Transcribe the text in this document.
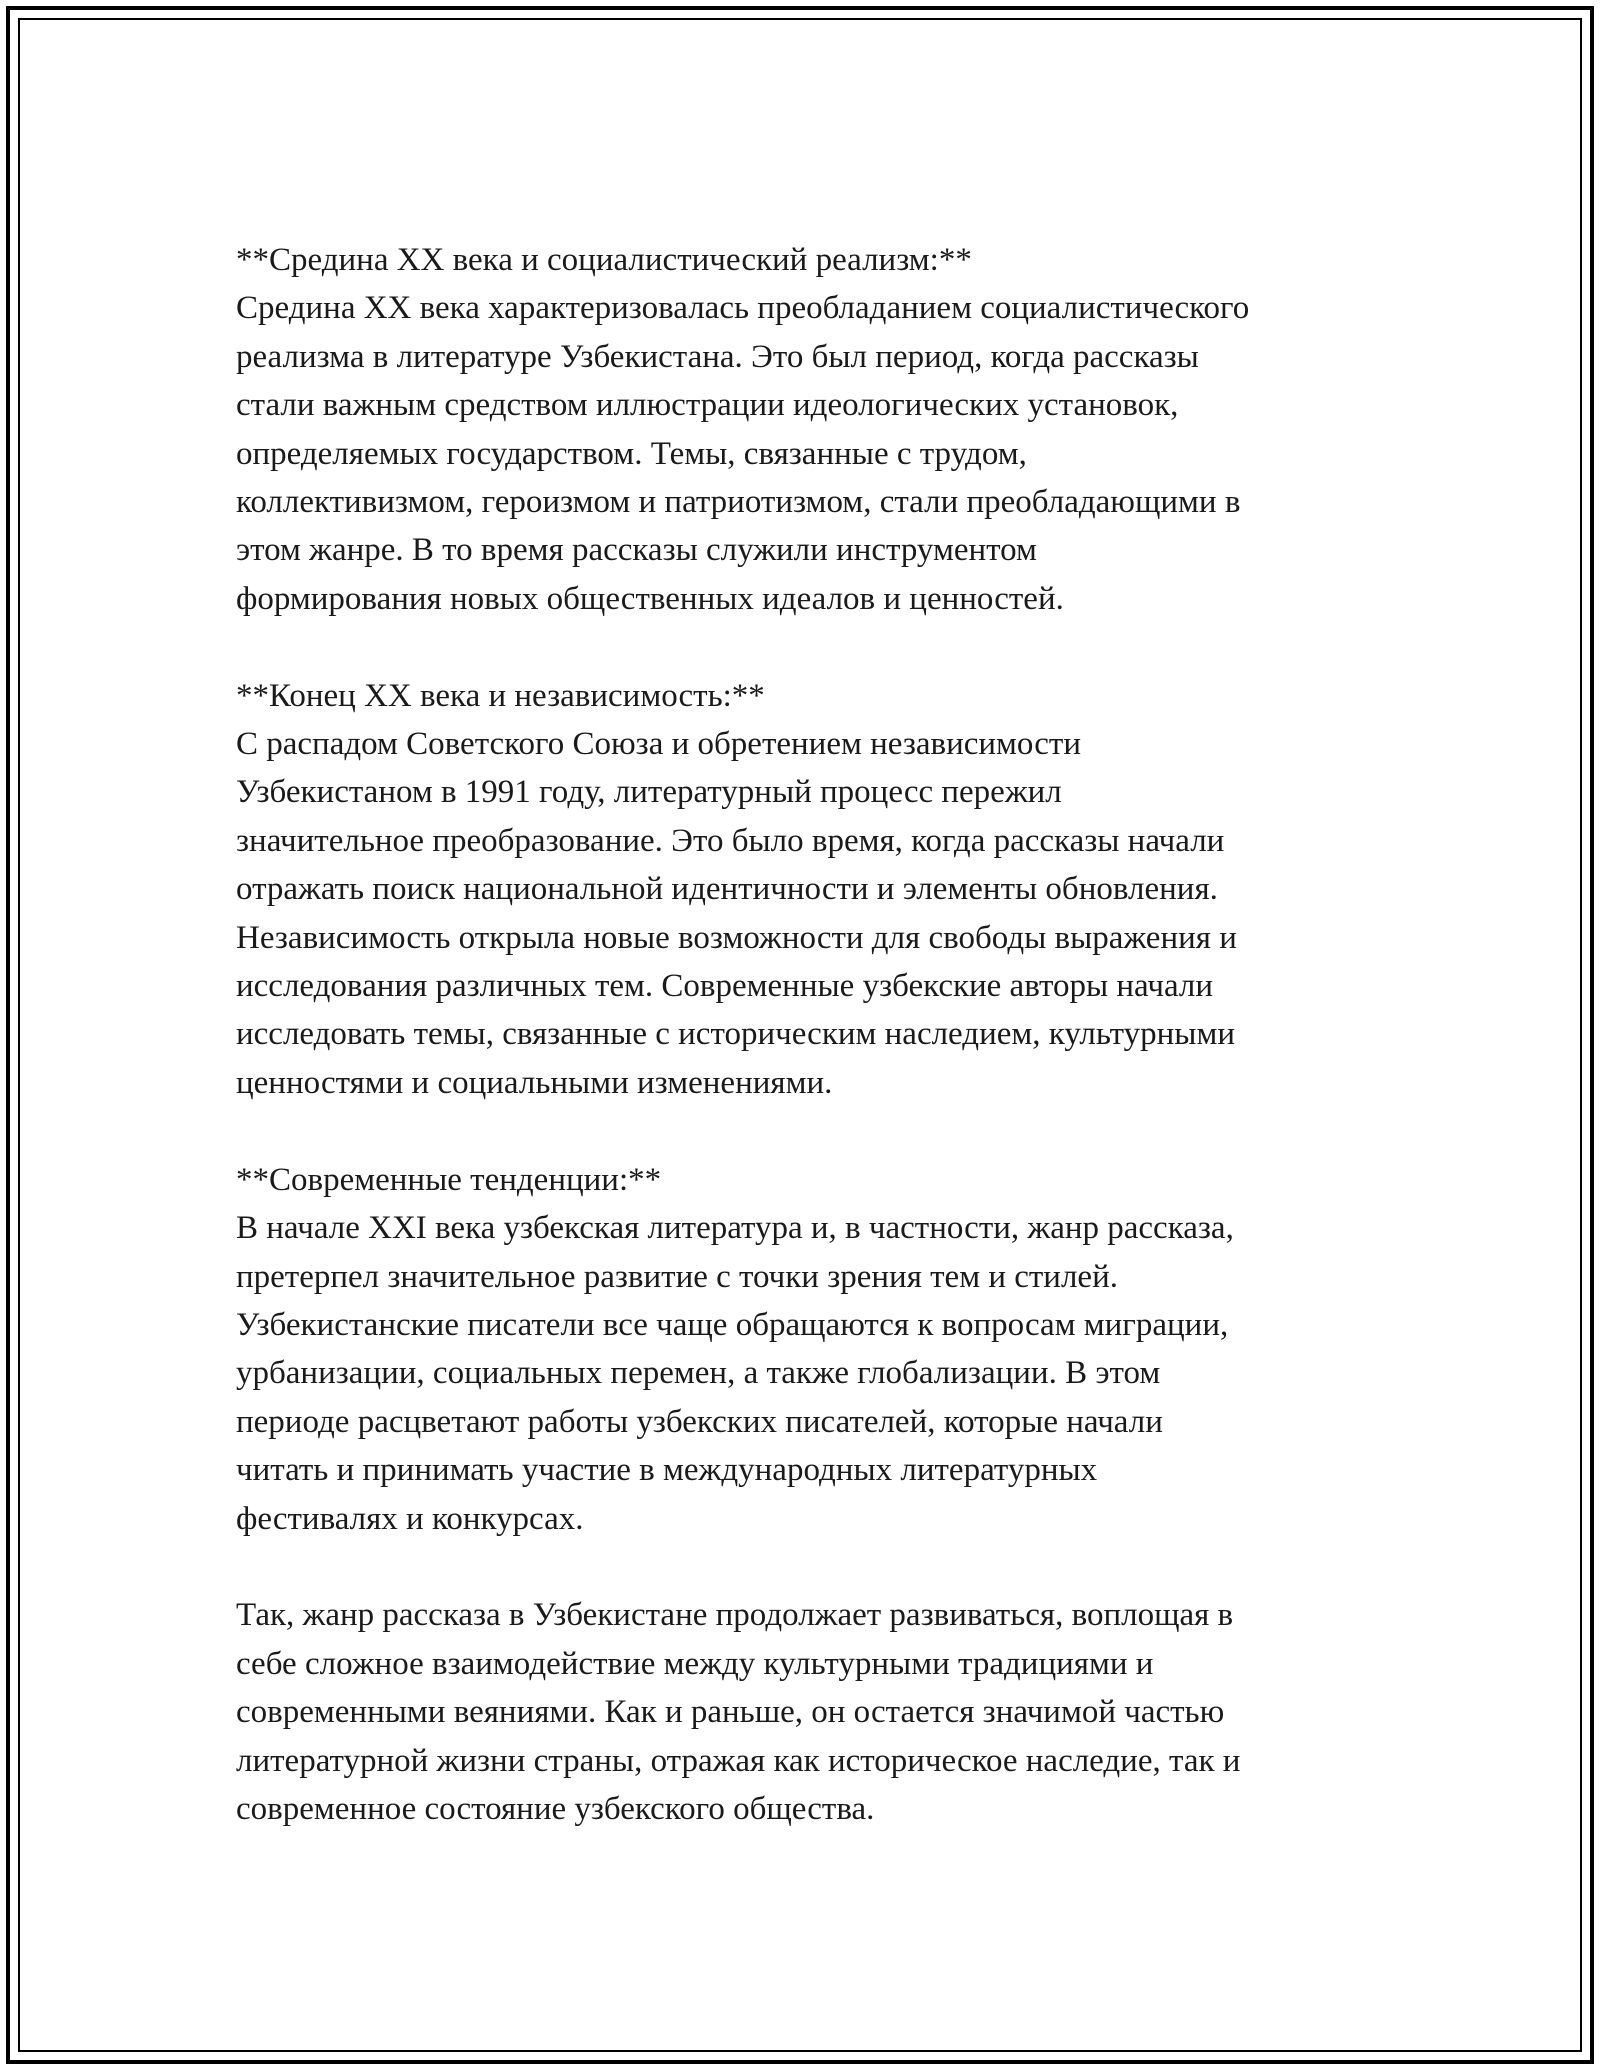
**Средина XX века и социалистический реализм:**
Средина XX века характеризовалась преобладанием социалистического
реализма в литературе Узбекистана. Это был период, когда рассказы
стали важным средством иллюстрации идеологических установок,
определяемых государством. Темы, связанные с трудом,
коллективизмом, героизмом и патриотизмом, стали преобладающими в
этом жанре. В то время рассказы служили инструментом
формирования новых общественных идеалов и ценностей.
**Конец XX века и независимость:**
С распадом Советского Союза и обретением независимости
Узбекистаном в 1991 году, литературный процесс пережил
значительное преобразование. Это было время, когда рассказы начали
отражать поиск национальной идентичности и элементы обновления.
Независимость открыла новые возможности для свободы выражения и
исследования различных тем. Современные узбекские авторы начали
исследовать темы, связанные с историческим наследием, культурными
ценностями и социальными изменениями.
**Современные тенденции:**
В начале XXI века узбекская литература и, в частности, жанр рассказа,
претерпел значительное развитие с точки зрения тем и стилей.
Узбекистанские писатели все чаще обращаются к вопросам миграции,
урбанизации, социальных перемен, а также глобализации. В этом
периоде расцветают работы узбекских писателей, которые начали
читать и принимать участие в международных литературных
фестивалях и конкурсах.
Так, жанр рассказа в Узбекистане продолжает развиваться, воплощая в
себе сложное взаимодействие между культурными традициями и
современными веяниями. Как и раньше, он остается значимой частью
литературной жизни страны, отражая как историческое наследие, так и
современное состояние узбекского общества.
